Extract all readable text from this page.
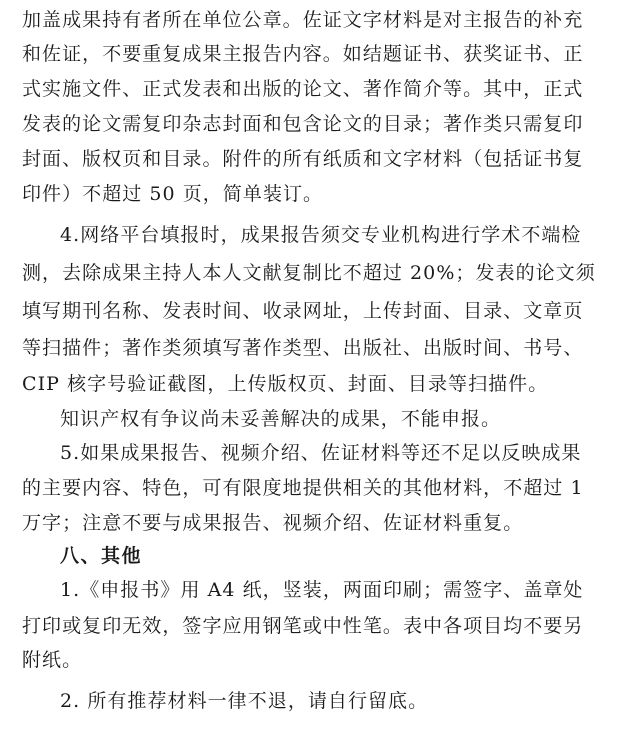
加盖成果持有者所在单位公章。佐证文字材料是对主报告的补充
和佐证，不要重复成果主报告内容。如结题证书、获奖证书、正
式实施文件、正式发表和出版的论文、著作简介等。其中，正式
发表的论文需复印杂志封面和包含论文的目录；著作类只需复印
封面、版权页和目录。附件的所有纸质和文字材料（包括证书复
印件）不超过 50 页，简单装订。
4.网络平台填报时，成果报告须交专业机构进行学术不端检
测，去除成果主持人本人文献复制比不超过 20%；发表的论文须
填写期刊名称、发表时间、收录网址，上传封面、目录、文章页
等扫描件；著作类须填写著作类型、出版社、出版时间、书号、
CIP 核字号验证截图，上传版权页、封面、目录等扫描件。
知识产权有争议尚未妥善解决的成果，不能申报。
5.如果成果报告、视频介绍、佐证材料等还不足以反映成果
的主要内容、特色，可有限度地提供相关的其他材料，不超过 1
万字；注意不要与成果报告、视频介绍、佐证材料重复。
八、其他
1.《申报书》用 A4 纸，竖装，两面印刷；需签字、盖章处
打印或复印无效，签字应用钢笔或中性笔。表中各项目均不要另
附纸。
2. 所有推荐材料一律不退，请自行留底。
